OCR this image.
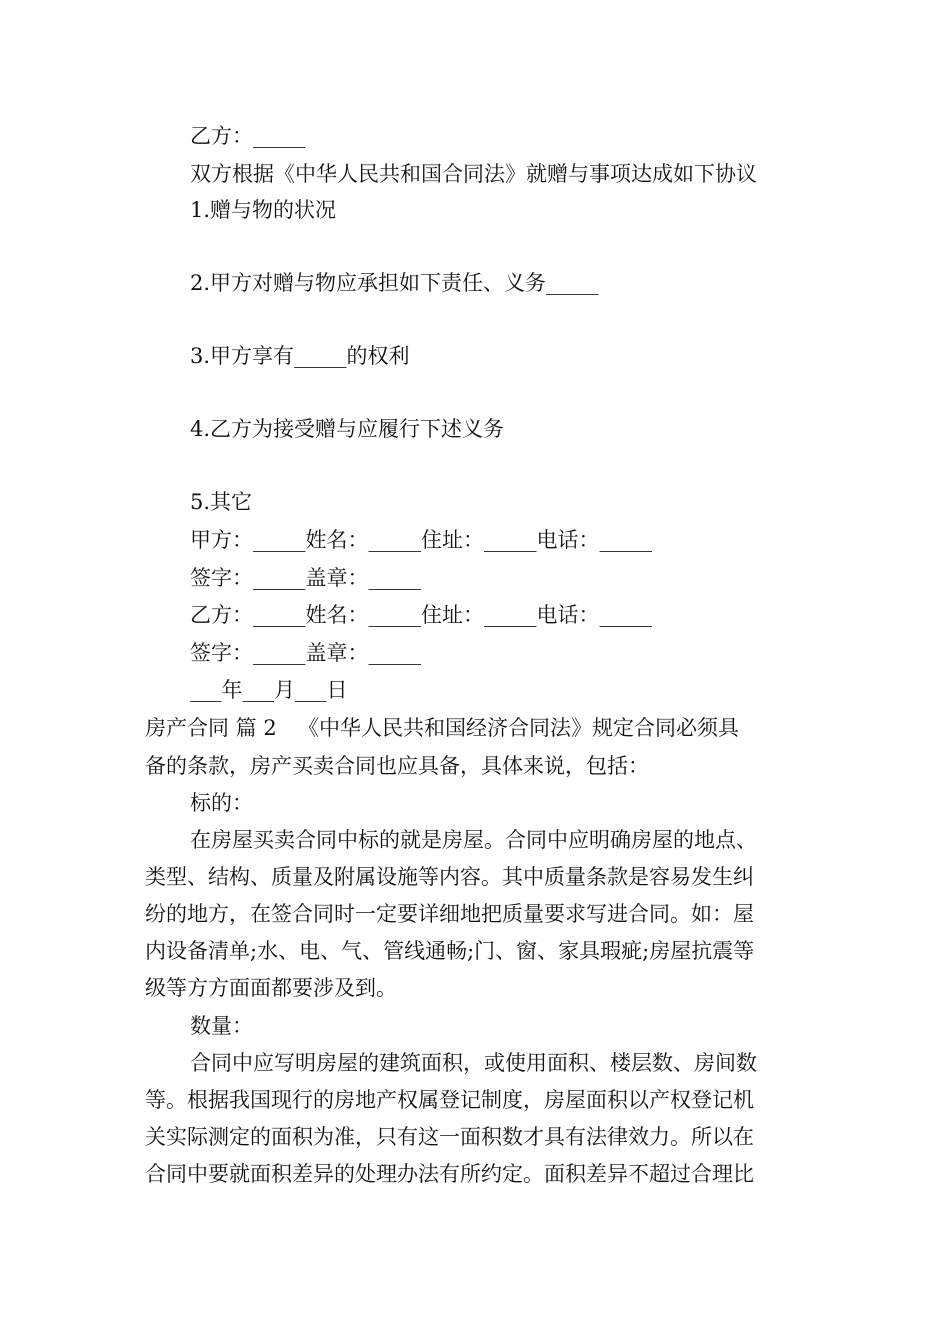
乙方：_____
双方根据《中华人民共和国合同法》就赠与事项达成如下协议
1.赠与物的状况
2.甲方对赠与物应承担如下责任、义务_____
3.甲方享有_____的权利
4.乙方为接受赠与应履行下述义务
5.其它
甲方：_____姓名：_____住址：_____电话：_____
签字：_____盖章：_____
乙方：_____姓名：_____住址：_____电话：_____
签字：_____盖章：_____
___年___月___日
房产合同 篇 2 《中华人民共和国经济合同法》规定合同必须具
备的条款，房产买卖合同也应具备，具体来说，包括：
标的：
在房屋买卖合同中标的就是房屋。合同中应明确房屋的地点、
类型、结构、质量及附属设施等内容。其中质量条款是容易发生纠
纷的地方，在签合同时一定要详细地把质量要求写进合同。如：屋
内设备清单;水、电、气、管线通畅;门、窗、家具瑕疵;房屋抗震等
级等方方面面都要涉及到。
数量：
合同中应写明房屋的建筑面积，或使用面积、楼层数、房间数
等。根据我国现行的房地产权属登记制度，房屋面积以产权登记机
关实际测定的面积为准，只有这一面积数才具有法律效力。所以在
合同中要就面积差异的处理办法有所约定。面积差异不超过合理比
